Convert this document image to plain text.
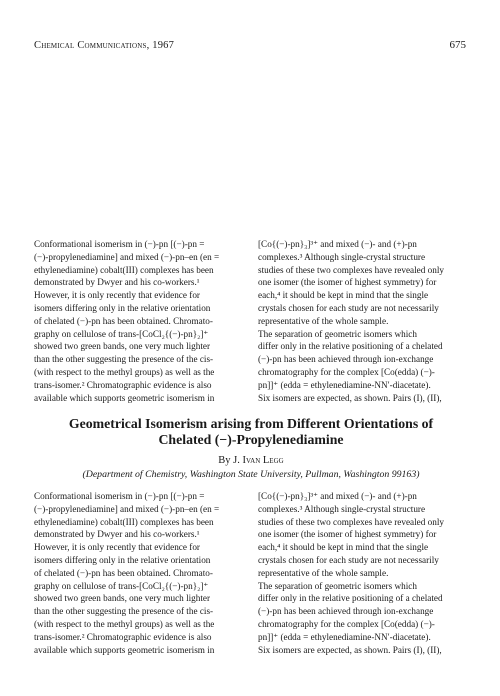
Chemical Communications, 1967	675
Conformational isomerism in (−)-pn [(−)-pn =
(−)-propylenediamine] and mixed (−)-pn–en (en =
ethylenediamine) cobalt(III) complexes has been
demonstrated by Dwyer and his co-workers.¹
However, it is only recently that evidence for
isomers differing only in the relative orientation
of chelated (−)-pn has been obtained. Chromato-
graphy on cellulose of trans-[CoCl₂{(−)-pn}₂]⁺
showed two green bands, one very much lighter
than the other suggesting the presence of the cis-
(with respect to the methyl groups) as well as the
trans-isomer.² Chromatographic evidence is also
available which supports geometric isomerism in
[Co{(−)-pn}₃]³⁺ and mixed (−)- and (+)-pn
complexes.³ Although single-crystal structure
studies of these two complexes have revealed only
one isomer (the isomer of highest symmetry) for
each,⁴ it should be kept in mind that the single
crystals chosen for each study are not necessarily
representative of the whole sample.
The separation of geometric isomers which
differ only in the relative positioning of a chelated
(−)-pn has been achieved through ion-exchange
chromatography for the complex [Co(edda) (−)-
pn]]⁺ (edda = ethylenediamine-NN′-diacetate).
Six isomers are expected, as shown. Pairs (I), (II),
Geometrical Isomerism arising from Different Orientations of
Chelated (−)-Propylenediamine
By J. Ivan Legg
(Department of Chemistry, Washington State University, Pullman, Washington 99163)
Conformational isomerism in (−)-pn [(−)-pn =
(−)-propylenediamine] and mixed (−)-pn–en (en =
ethylenediamine) cobalt(III) complexes has been
demonstrated by Dwyer and his co-workers.¹
However, it is only recently that evidence for
isomers differing only in the relative orientation
of chelated (−)-pn has been obtained. Chromato-
graphy on cellulose of trans-[CoCl₂{(−)-pn}₂]⁺
showed two green bands, one very much lighter
than the other suggesting the presence of the cis-
(with respect to the methyl groups) as well as the
trans-isomer.² Chromatographic evidence is also
available which supports geometric isomerism in
[Co{(−)-pn}₃]³⁺ and mixed (−)- and (+)-pn
complexes.³ Although single-crystal structure
studies of these two complexes have revealed only
one isomer (the isomer of highest symmetry) for
each,⁴ it should be kept in mind that the single
crystals chosen for each study are not necessarily
representative of the whole sample.
The separation of geometric isomers which
differ only in the relative positioning of a chelated
(−)-pn has been achieved through ion-exchange
chromatography for the complex [Co(edda) (−)-
pn]]⁺ (edda = ethylenediamine-NN′-diacetate).
Six isomers are expected, as shown. Pairs (I), (II),
